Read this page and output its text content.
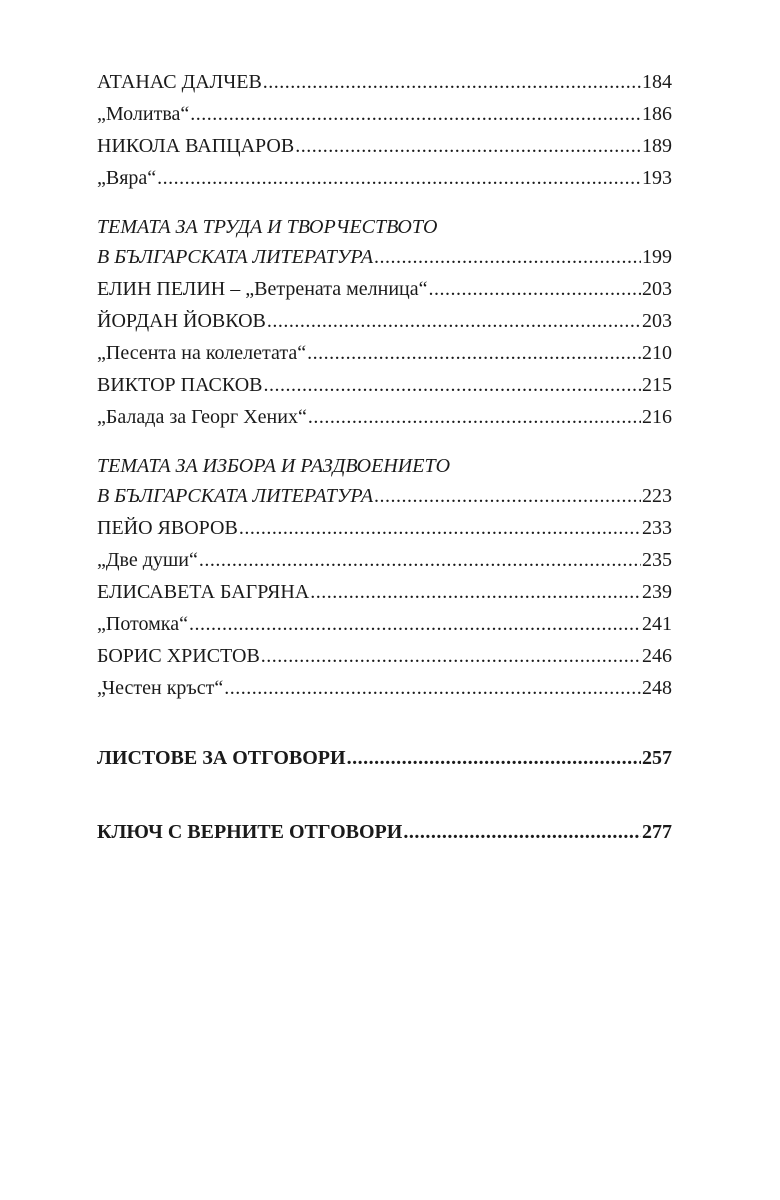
АТАНАС ДАЛЧЕВ .....	184
„Молитва“ .....	186
НИКОЛА ВАПЦАРОВ .....	189
„Вяра“ .....	193
ТЕМАТА ЗА ТРУДА И ТВОРЧЕСТВОТО
В БЪЛГАРСКАТА ЛИТЕРАТУРА .....	199
ЕЛИН ПЕЛИН – „Ветрената мелница“ .....	203
ЙОРДАН ЙОВКОВ .....	203
„Песента на колелетата“ .....	210
ВИКТОР ПАСКОВ .....	215
„Балада за Георг Хених“ .....	216
ТЕМАТА ЗА ИЗБОРА И РАЗДВОЕНИЕТО
В БЪЛГАРСКАТА ЛИТЕРАТУРА .....	223
ПЕЙО ЯВОРОВ .....	233
„Две души“ .....	235
ЕЛИСАВЕТА БАГРЯНА .....	239
„Потомка“ .....	241
БОРИС ХРИСТОВ .....	246
„Честен кръст“ .....	248
ЛИСТОВЕ ЗА ОТГОВОРИ .....	257
КЛЮЧ С ВЕРНИТЕ ОТГОВОРИ .....	277
